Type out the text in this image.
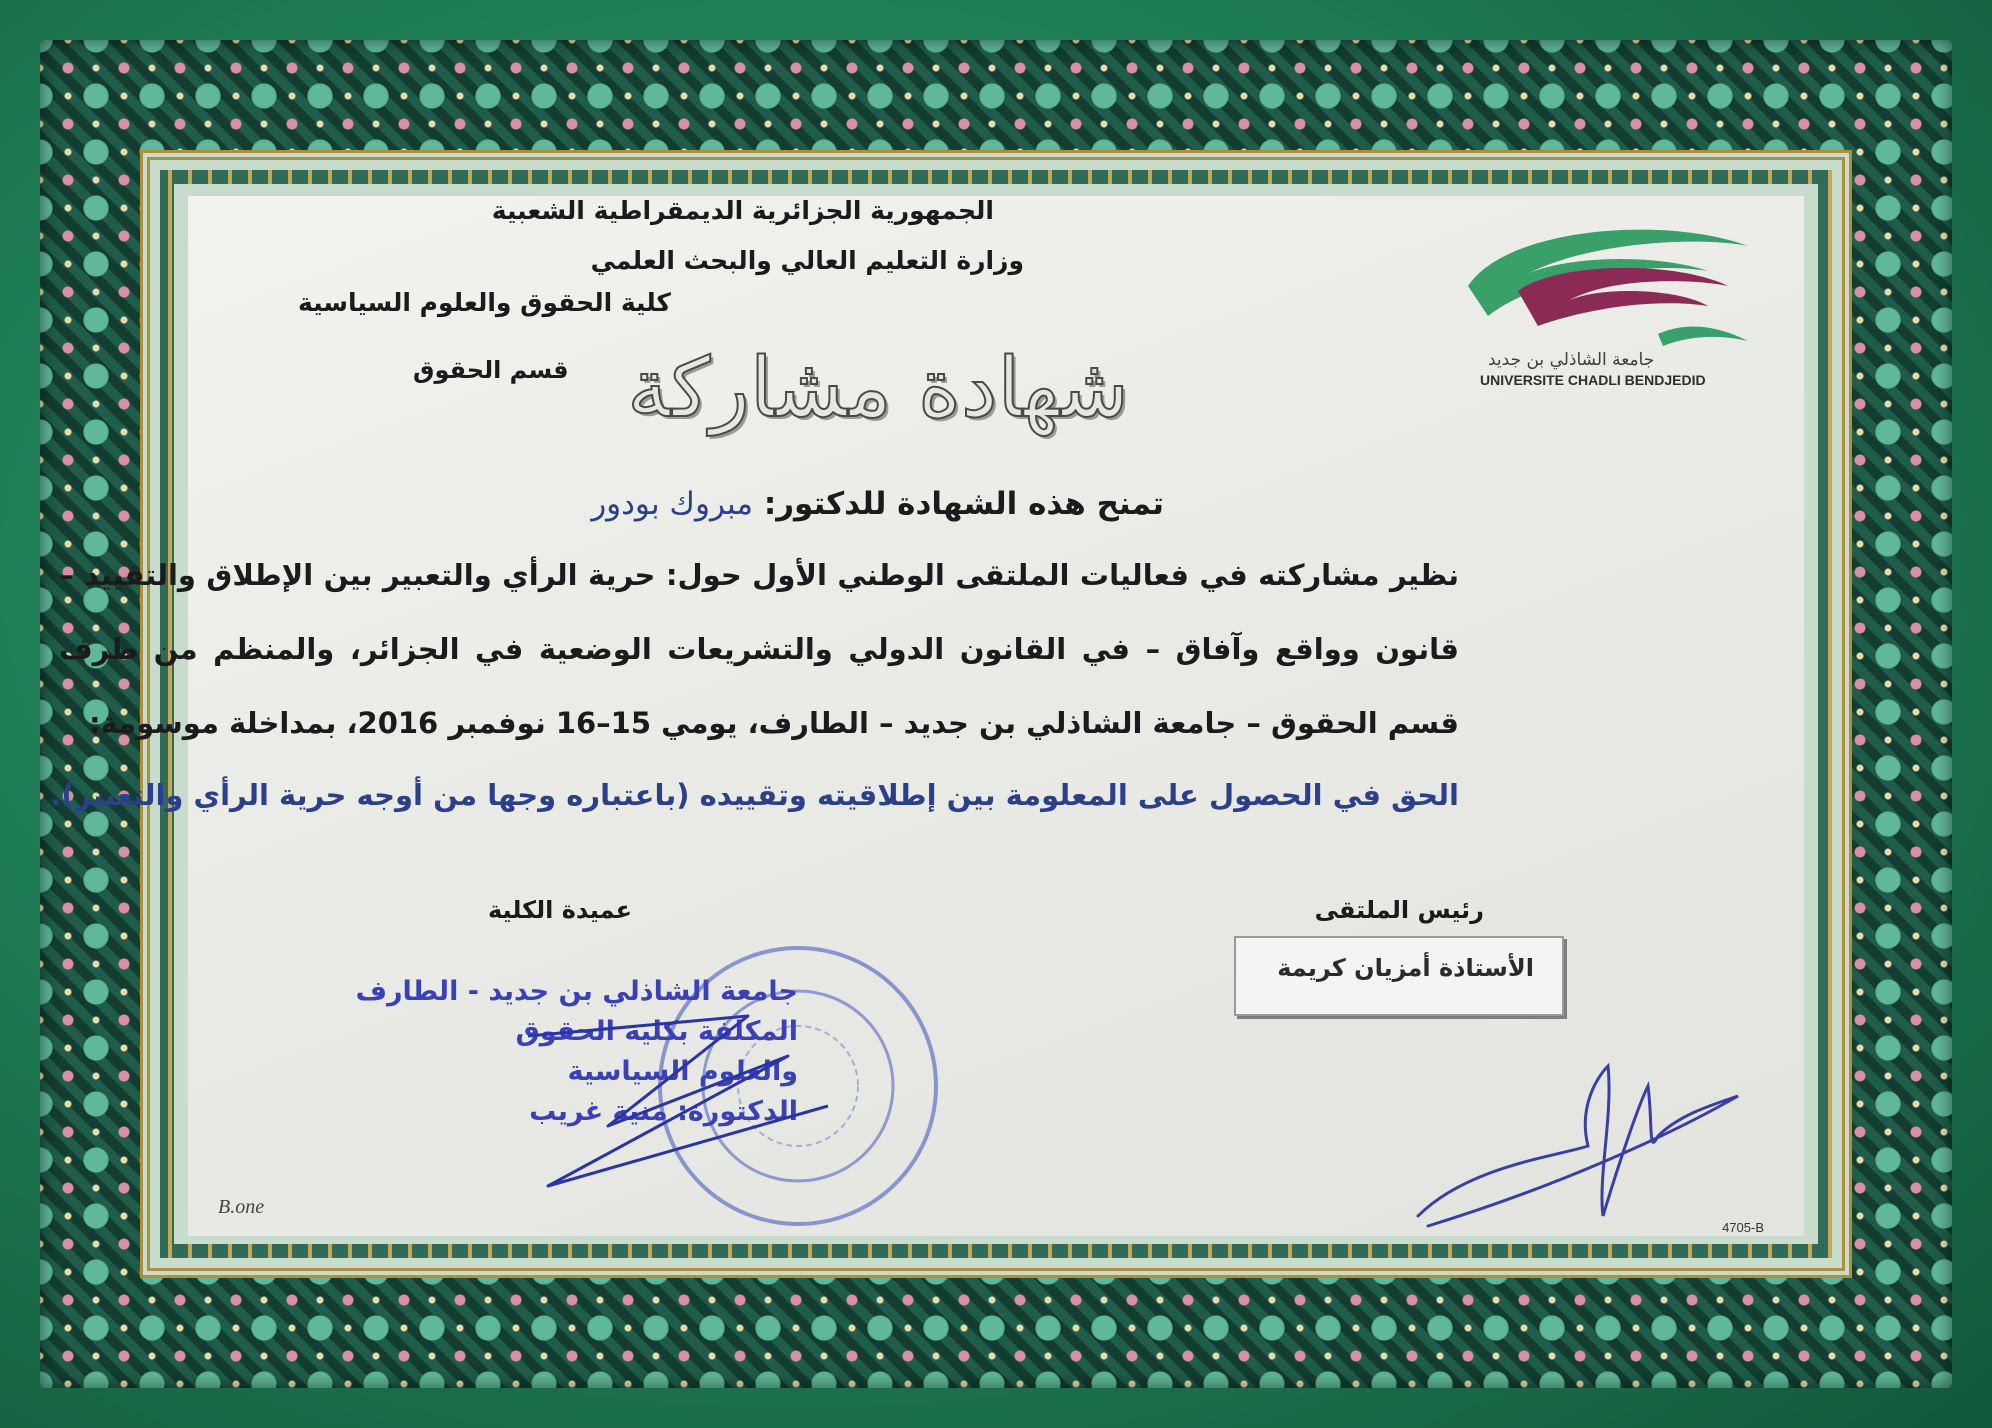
جامعة الشاذلي بن جديد
UNIVERSITE CHADLI BENDJEDID
الجمهورية الجزائرية الديمقراطية الشعبية
وزارة التعليم العالي والبحث العلمي
كلية الحقوق والعلوم السياسية
قسم الحقوق شهادة مشاركة
تمنح هذه الشهادة للدكتور: مبروك بودور
نظير مشاركته في فعاليات الملتقى الوطني الأول حول: حرية الرأي والتعبير بين الإطلاق والتقييد – قانون وواقع وآفاق – في القانون الدولي والتشريعات الوضعية في الجزائر، والمنظم من طرف قسم الحقوق – جامعة الشاذلي بن جديد – الطارف، يومي 15–16 نوفمبر 2016، بمداخلة موسومة:
الحق في الحصول على المعلومة بين إطلاقيته وتقييده (باعتباره وجها من أوجه حرية الرأي والتعبير).
رئيس الملتقى
الأستاذة أمزيان كريمة
عميدة الكلية
جامعة الشاذلي بن جديد - الطارف
المكلفة بكلية الحقوق
والعلوم السياسية
الدكتورة: منية غريب
B.one
4705-B
